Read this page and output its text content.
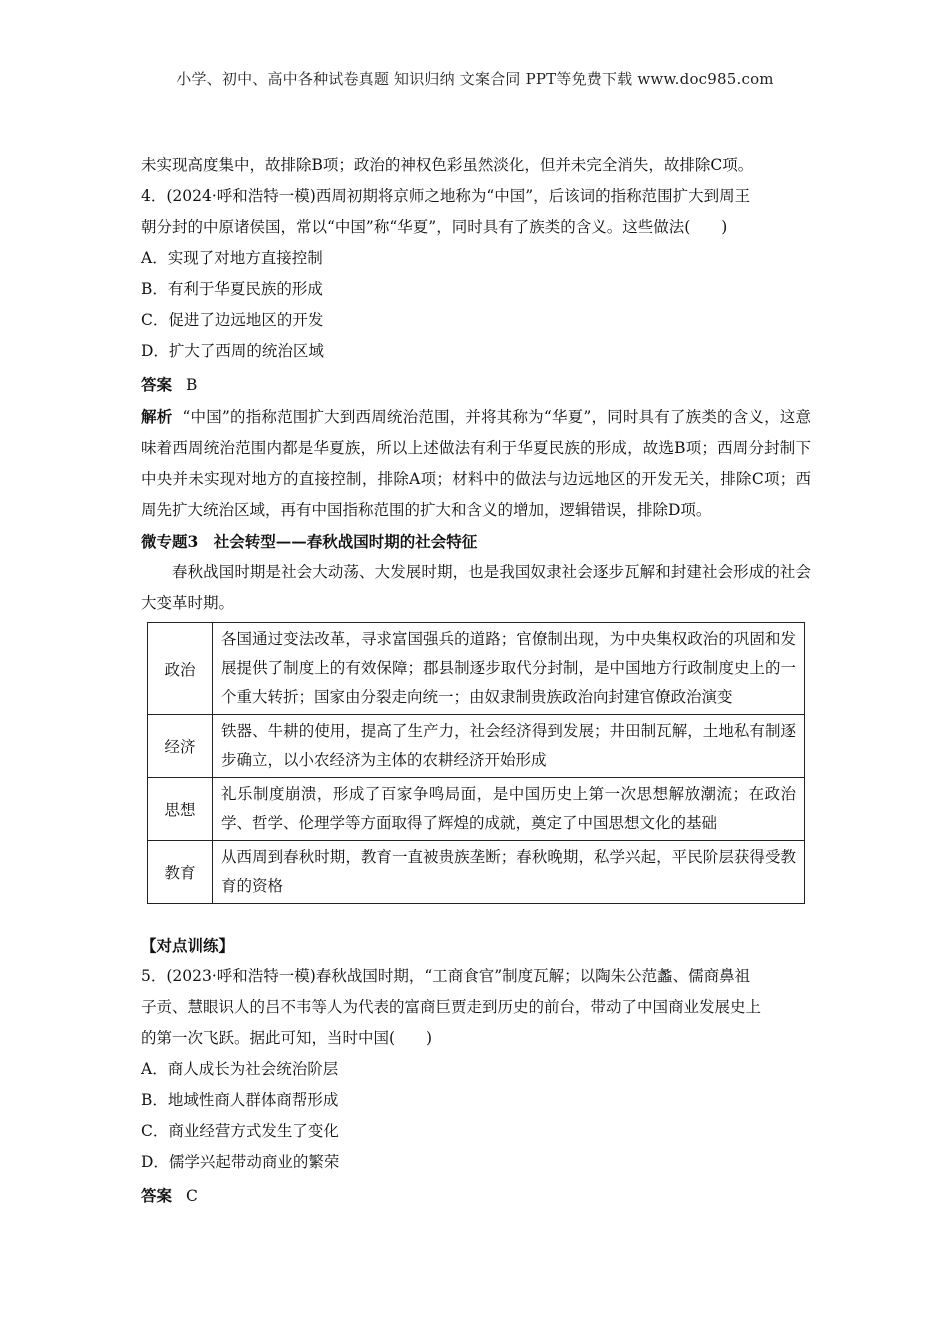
小学、初中、高中各种试卷真题 知识归纳 文案合同 PPT等免费下载 www.doc985.com
未实现高度集中，故排除B项；政治的神权色彩虽然淡化，但并未完全消失，故排除C项。
4．(2024·呼和浩特一模)西周初期将京师之地称为“中国”，后该词的指称范围扩大到周王
朝分封的中原诸侯国，常以“中国”称“华夏”，同时具有了族类的含义。这些做法(　　)
A．实现了对地方直接控制
B．有利于华夏民族的形成
C．促进了边远地区的开发
D．扩大了西周的统治区域
答案 B
解析 “中国”的指称范围扩大到西周统治范围，并将其称为“华夏”，同时具有了族类的含义，这意味着西周统治范围内都是华夏族，所以上述做法有利于华夏民族的形成，故选B项；西周分封制下中央并未实现对地方的直接控制，排除A项；材料中的做法与边远地区的开发无关，排除C项；西周先扩大统治区域，再有中国指称范围的扩大和含义的增加，逻辑错误，排除D项。
微专题3　社会转型——春秋战国时期的社会特征
春秋战国时期是社会大动荡、大发展时期，也是我国奴隶社会逐步瓦解和封建社会形成的社会大变革时期。
政治	各国通过变法改革，寻求富国强兵的道路；官僚制出现，为中央集权政治的巩固和发展提供了制度上的有效保障；郡县制逐步取代分封制，是中国地方行政制度史上的一个重大转折；国家由分裂走向统一；由奴隶制贵族政治向封建官僚政治演变
经济	铁器、牛耕的使用，提高了生产力，社会经济得到发展；井田制瓦解，土地私有制逐步确立，以小农经济为主体的农耕经济开始形成
思想	礼乐制度崩溃，形成了百家争鸣局面，是中国历史上第一次思想解放潮流；在政治学、哲学、伦理学等方面取得了辉煌的成就，奠定了中国思想文化的基础
教育	从西周到春秋时期，教育一直被贵族垄断；春秋晚期，私学兴起，平民阶层获得受教育的资格
【对点训练】
5．(2023·呼和浩特一模)春秋战国时期，“工商食官”制度瓦解；以陶朱公范蠡、儒商鼻祖
子贡、慧眼识人的吕不韦等人为代表的富商巨贾走到历史的前台，带动了中国商业发展史上
的第一次飞跃。据此可知，当时中国(　　)
A．商人成长为社会统治阶层
B．地域性商人群体商帮形成
C．商业经营方式发生了变化
D．儒学兴起带动商业的繁荣
答案 C
